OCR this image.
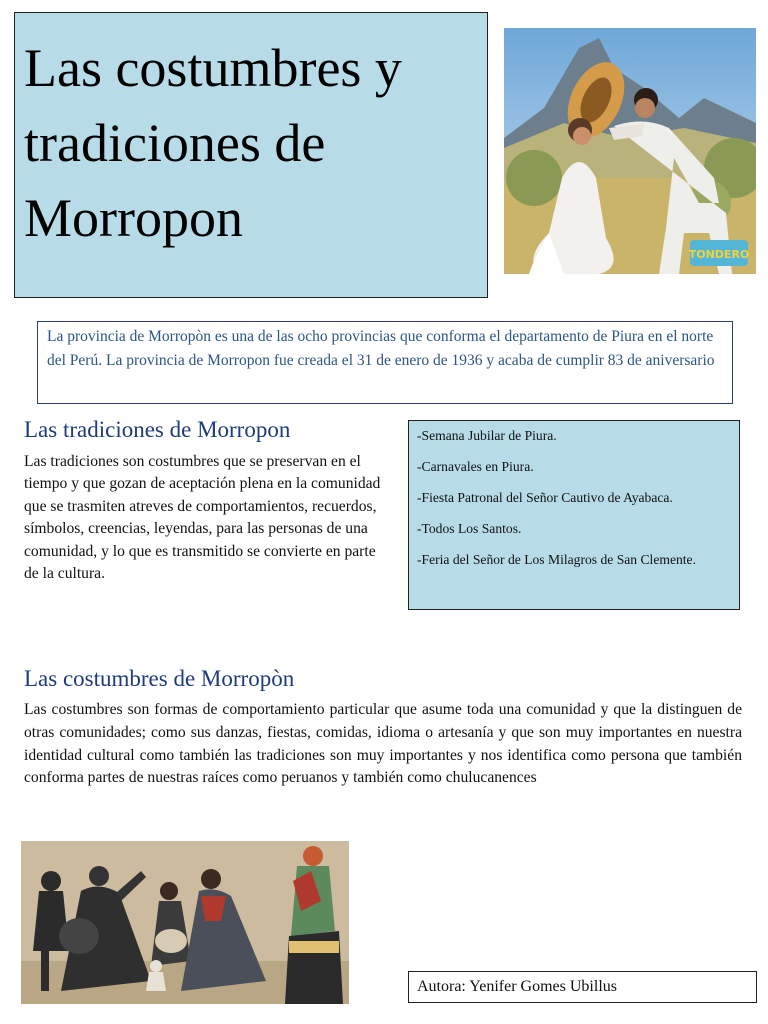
Las costumbres y tradiciones de Morropon
TONDERO

La provincia de Morropòn es una de las ocho provincias que conforma el departamento de Piura en el norte del Perú. La provincia de Morropon fue creada el 31 de enero de 1936 y acaba de cumplir 83 de aniversario

Las tradiciones de Morropon

Las tradiciones son costumbres que se preservan en el tiempo y que gozan de aceptación plena en la comunidad que se trasmiten atreves de comportamientos, recuerdos, símbolos, creencias, leyendas, para las personas de una comunidad, y lo que es transmitido se convierte en parte de la cultura.

-Semana Jubilar de Piura.
-Carnavales en Piura.
-Fiesta Patronal del Señor Cautivo de Ayabaca.
-Todos Los Santos.
-Feria del Señor de Los Milagros de San Clemente.
Las costumbres de Morropòn

Las costumbres son formas de comportamiento particular que asume toda una comunidad y que la distinguen de otras comunidades; como sus danzas, fiestas, comidas, idioma o artesanía y que son muy importantes en nuestra identidad cultural como también las tradiciones son muy importantes y nos identifica como persona que también conforma partes de nuestras raíces como peruanos y también como chulucanences

Autora: Yenifer Gomes Ubillus
